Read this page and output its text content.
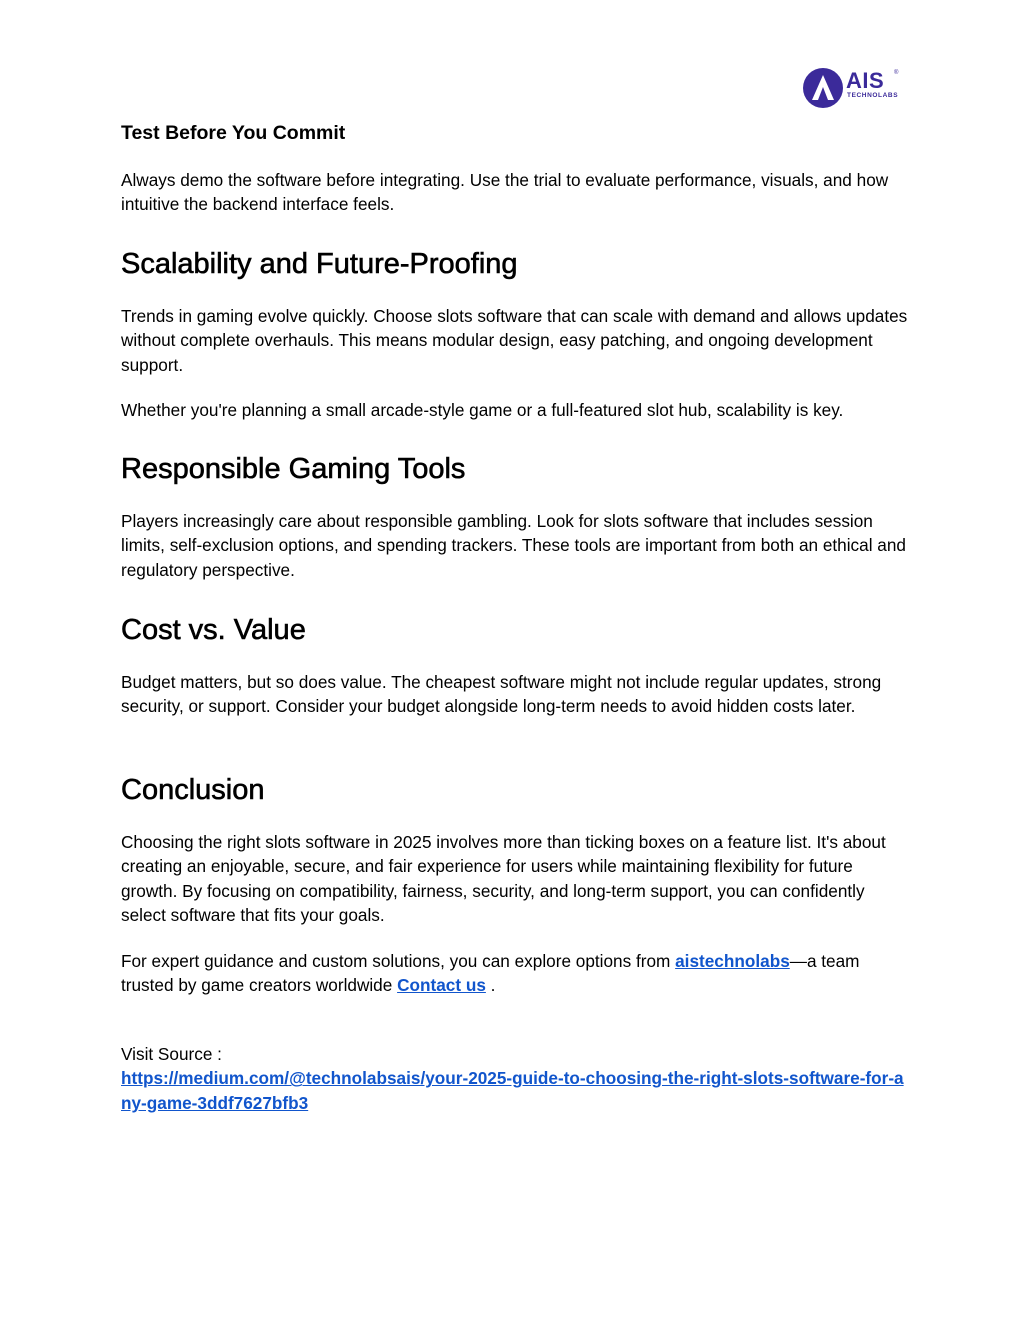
AIS ®
TECHNOLABS
Test Before You Commit

Always demo the software before integrating. Use the trial to evaluate performance, visuals, and how intuitive the backend interface feels.

Scalability and Future-Proofing

Trends in gaming evolve quickly. Choose slots software that can scale with demand and allows updates without complete overhauls. This means modular design, easy patching, and ongoing development support.

Whether you're planning a small arcade-style game or a full-featured slot hub, scalability is key.

Responsible Gaming Tools

Players increasingly care about responsible gambling. Look for slots software that includes session limits, self-exclusion options, and spending trackers. These tools are important from both an ethical and regulatory perspective.

Cost vs. Value

Budget matters, but so does value. The cheapest software might not include regular updates, strong security, or support. Consider your budget alongside long-term needs to avoid hidden costs later.

Conclusion

Choosing the right slots software in 2025 involves more than ticking boxes on a feature list. It's about creating an enjoyable, secure, and fair experience for users while maintaining flexibility for future growth. By focusing on compatibility, fairness, security, and long-term support, you can confidently select software that fits your goals.

For expert guidance and custom solutions, you can explore options from aistechnolabs—a team trusted by game creators worldwide Contact us .

Visit Source :
https://medium.com/@technolabsais/your-2025-guide-to-choosing-the-right-slots-software-for-any-game-3ddf7627bfb3
